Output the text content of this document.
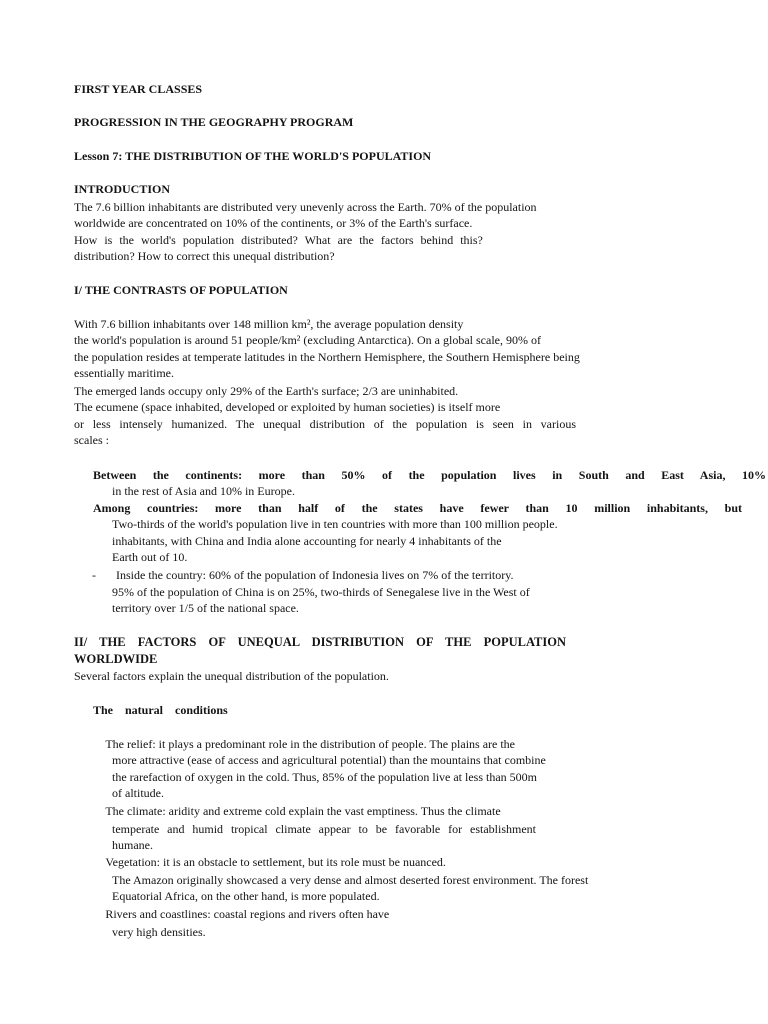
FIRST YEAR CLASSES
PROGRESSION IN THE GEOGRAPHY PROGRAM
Lesson 7: THE DISTRIBUTION OF THE WORLD'S POPULATION
INTRODUCTION
The 7.6 billion inhabitants are distributed very unevenly across the Earth. 70% of the population
worldwide are concentrated on 10% of the continents, or 3% of the Earth's surface.
How is the world's population distributed? What are the factors behind this?
distribution? How to correct this unequal distribution?
I/ THE CONTRASTS OF POPULATION
With 7.6 billion inhabitants over 148 million km², the average population density
the world's population is around 51 people/km² (excluding Antarctica). On a global scale, 90% of
the population resides at temperate latitudes in the Northern Hemisphere, the Southern Hemisphere being
essentially maritime.
The emerged lands occupy only 29% of the Earth's surface; 2/3 are uninhabited.
The ecumene (space inhabited, developed or exploited by human societies) is itself more
or less intensely humanized. The unequal distribution of the population is seen in various
scales :
Between the continents: more than 50% of the population lives in South and East Asia, 10%
in the rest of Asia and 10% in Europe.
Among countries: more than half of the states have fewer than 10 million inhabitants, but
Two-thirds of the world's population live in ten countries with more than 100 million people.
inhabitants, with China and India alone accounting for nearly 4 inhabitants of the
Earth out of 10.
- Inside the country: 60% of the population of Indonesia lives on 7% of the territory.
95% of the population of China is on 25%, two-thirds of Senegalese live in the West of
territory over 1/5 of the national space.
II/ THE FACTORS OF UNEQUAL DISTRIBUTION OF THE POPULATION
WORLDWIDE
Several factors explain the unequal distribution of the population.
The natural conditions
The relief: it plays a predominant role in the distribution of people. The plains are the
more attractive (ease of access and agricultural potential) than the mountains that combine
the rarefaction of oxygen in the cold. Thus, 85% of the population live at less than 500m
of altitude.
The climate: aridity and extreme cold explain the vast emptiness. Thus the climate
temperate and humid tropical climate appear to be favorable for establishment
humane.
Vegetation: it is an obstacle to settlement, but its role must be nuanced.
The Amazon originally showcased a very dense and almost deserted forest environment. The forest
Equatorial Africa, on the other hand, is more populated.
Rivers and coastlines: coastal regions and rivers often have
very high densities.
